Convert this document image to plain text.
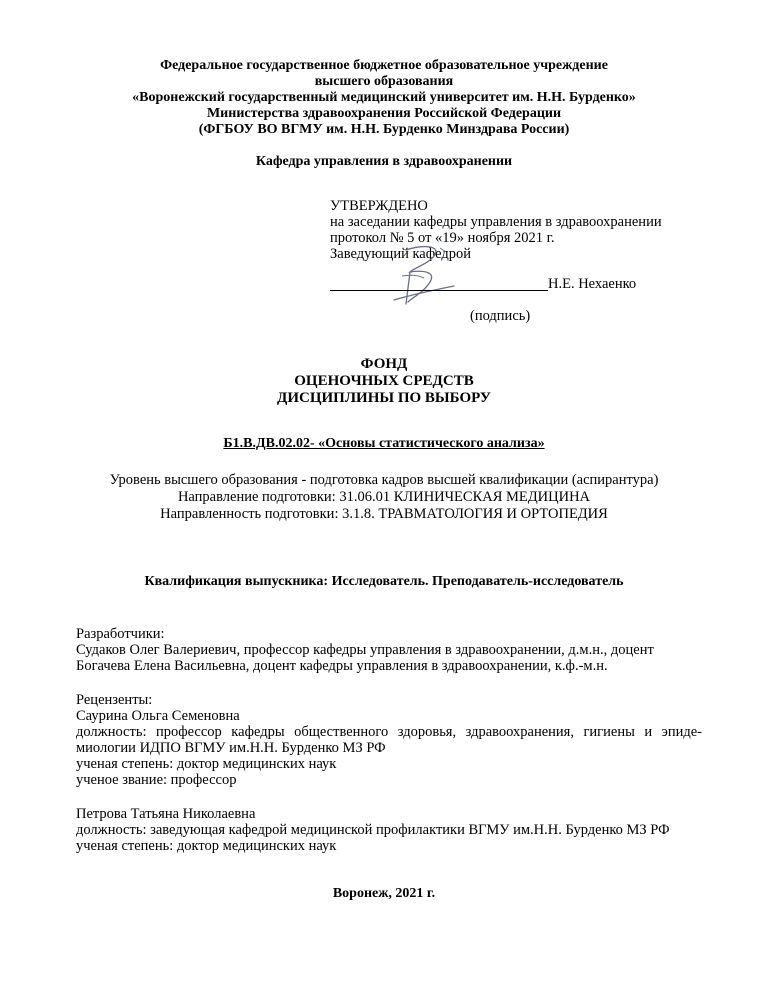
Федеральное государственное бюджетное образовательное учреждение
высшего образования
«Воронежский государственный медицинский университет им. Н.Н. Бурденко»
Министерства здравоохранения Российской Федерации
(ФГБОУ ВО ВГМУ им. Н.Н. Бурденко Минздрава России)
Кафедра управления в здравоохранении
УТВЕРЖДЕНО
на заседании кафедры управления в здравоохранении
протокол № 5 от «19» ноября 2021 г.
Заведующий кафедрой
Н.Е. Нехаенко
(подпись)
ФОНД
ОЦЕНОЧНЫХ СРЕДСТВ
ДИСЦИПЛИНЫ ПО ВЫБОРУ
Б1.В.ДВ.02.02- «Основы статистического анализа»
Уровень высшего образования - подготовка кадров высшей квалификации (аспирантура)
Направление подготовки: 31.06.01 КЛИНИЧЕСКАЯ МЕДИЦИНА
Направленность подготовки: 3.1.8. ТРАВМАТОЛОГИЯ И ОРТОПЕДИЯ
Квалификация выпускника: Исследователь. Преподаватель-исследователь
Разработчики:
Судаков Олег Валериевич, профессор кафедры управления в здравоохранении, д.м.н., доцент
Богачева Елена Васильевна, доцент кафедры управления в здравоохранении, к.ф.-м.н.
Рецензенты:
Саурина Ольга Семеновна
должность: профессор кафедры общественного здоровья, здравоохранения, гигиены и эпиде-
миологии ИДПО ВГМУ им.Н.Н. Бурденко МЗ РФ
ученая степень: доктор медицинских наук
ученое звание: профессор
Петрова Татьяна Николаевна
должность: заведующая кафедрой медицинской профилактики ВГМУ им.Н.Н. Бурденко МЗ РФ
ученая степень: доктор медицинских наук
Воронеж, 2021 г.
